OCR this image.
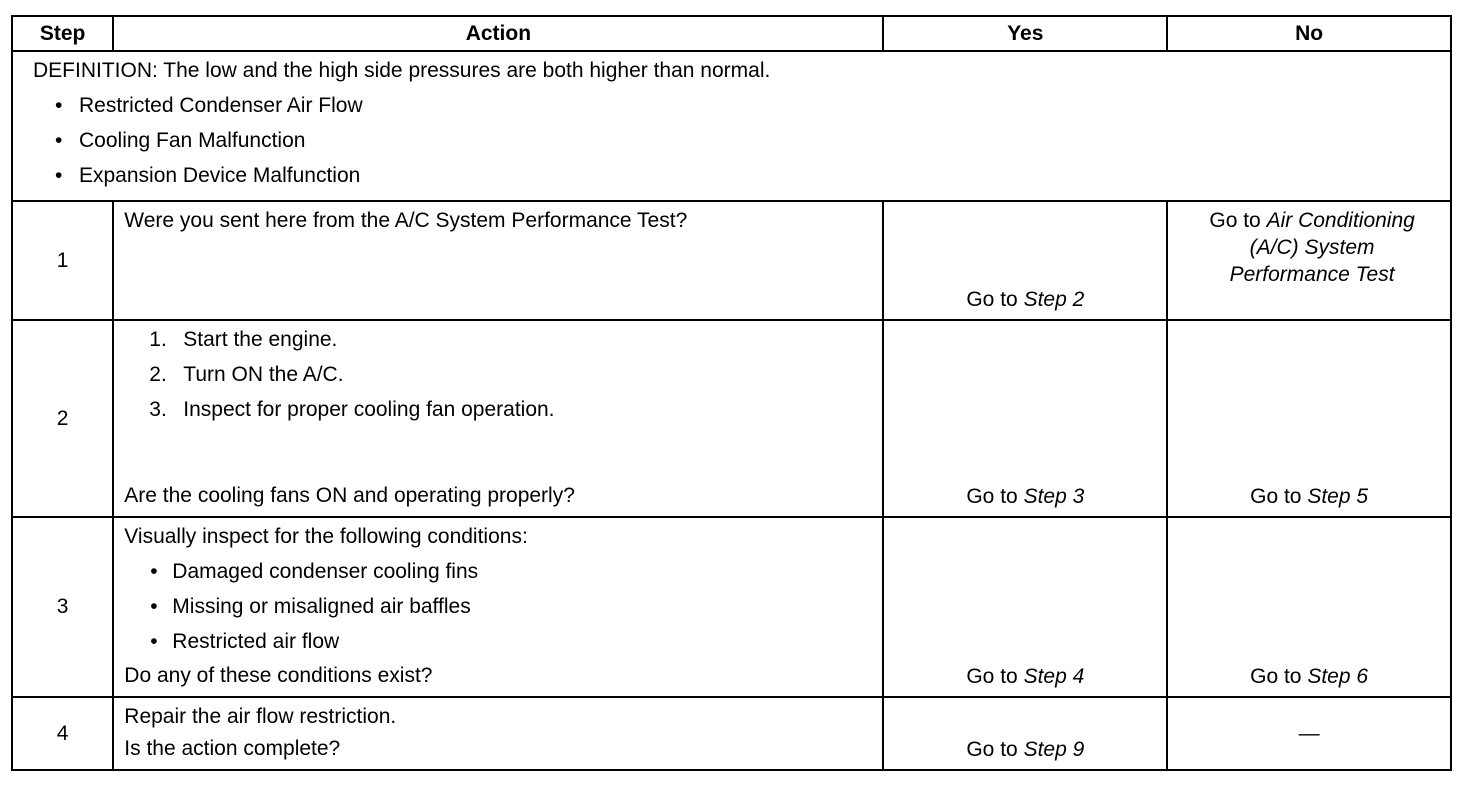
Step	Action	Yes	No

DEFINITION: The low and the high side pressures are both higher than normal.
• Restricted Condenser Air Flow
• Cooling Fan Malfunction
• Expansion Device Malfunction			

1	Were you sent here from the A/C System Performance Test?	Go to Step 2	Go to Air Conditioning
(A/C) System
Performance Test

2	1. Start the engine.
2. Turn ON the A/C.
3. Inspect for proper cooling fan operation.
Are the cooling fans ON and operating properly?	Go to Step 3	Go to Step 5

3	Visually inspect for the following conditions:
• Damaged condenser cooling fins
• Missing or misaligned air baffles
• Restricted air flow
Do any of these conditions exist?	Go to Step 4	Go to Step 6

4	Repair the air flow restriction.
Is the action complete?	Go to Step 9	—
